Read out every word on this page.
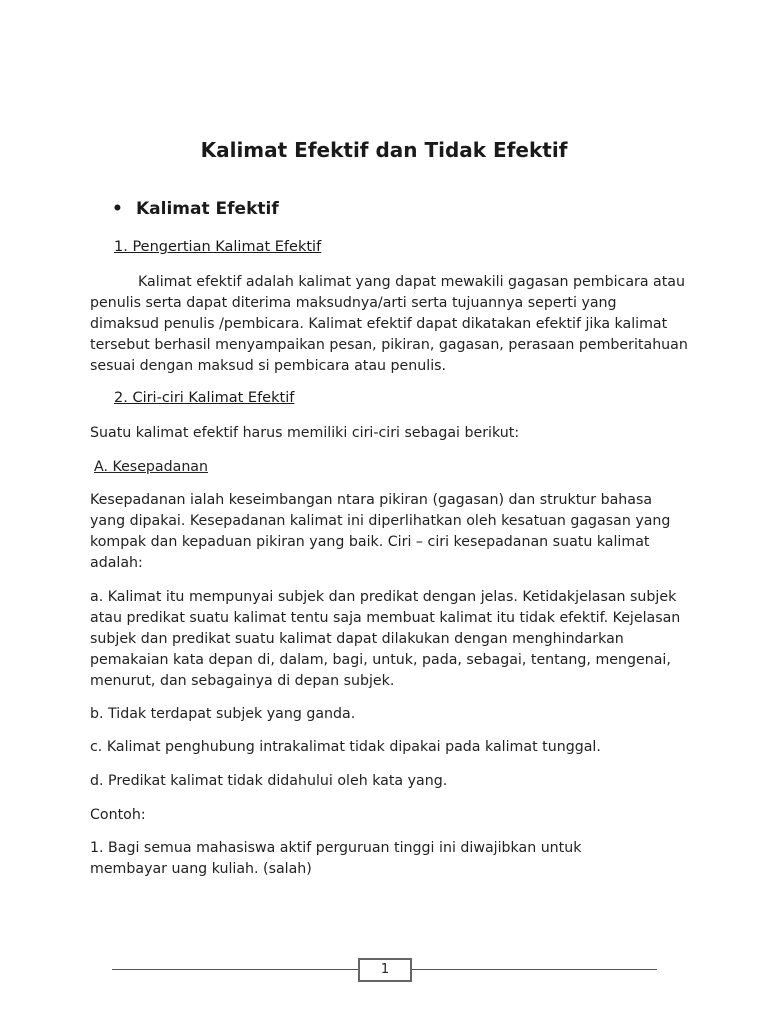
Kalimat Efektif dan Tidak Efektif
• Kalimat Efektif
1. Pengertian Kalimat Efektif
Kalimat efektif adalah kalimat yang dapat mewakili gagasan pembicara atau penulis serta dapat diterima maksudnya/arti serta tujuannya seperti yang dimaksud penulis /pembicara. Kalimat efektif dapat dikatakan efektif jika kalimat tersebut berhasil menyampaikan pesan, pikiran, gagasan, perasaan pemberitahuan sesuai dengan maksud si pembicara atau penulis.
2. Ciri-ciri Kalimat Efektif
Suatu kalimat efektif harus memiliki ciri-ciri sebagai berikut:
A. Kesepadanan
Kesepadanan ialah keseimbangan ntara pikiran (gagasan) dan struktur bahasa yang dipakai. Kesepadanan kalimat ini diperlihatkan oleh kesatuan gagasan yang kompak dan kepaduan pikiran yang baik. Ciri – ciri kesepadanan suatu kalimat adalah:
a. Kalimat itu mempunyai subjek dan predikat dengan jelas. Ketidakjelasan subjek atau predikat suatu kalimat tentu saja membuat kalimat itu tidak efektif. Kejelasan subjek dan predikat suatu kalimat dapat dilakukan dengan menghindarkan pemakaian kata depan di, dalam, bagi, untuk, pada, sebagai, tentang, mengenai, menurut, dan sebagainya di depan subjek.
b. Tidak terdapat subjek yang ganda.
c. Kalimat penghubung intrakalimat tidak dipakai pada kalimat tunggal.
d. Predikat kalimat tidak didahului oleh kata yang.
Contoh:
1. Bagi semua mahasiswa aktif perguruan tinggi ini diwajibkan untuk membayar uang kuliah. (salah)
1
